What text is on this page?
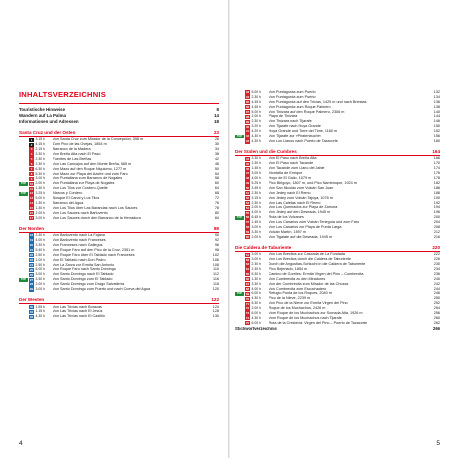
INHALTSVERZEICHNIS
Touristische Hinweise	8
Wandern auf La Palma	14
Informationen und Adressen	18
Santa Cruz und der Osten	23
1 3.15 h	Von Santa Cruz zum Mirador de la Concepción, 398 m	26
2 4.15 h	Zum Pico de las Ovejas, 1854 m	30
3 2.15 h	Barranco de la Madera	34
4 3.30 h	Von Breña Alta nach El Paso	38
5 2.30 h	Fuentes de Las Breñas	42
6 2.30 h	Von Las Cancajos auf den Monte Breña, 565 m	46
7 6.30 h	Von Mazo auf den Roque Niquiomo, 1277 m	50
8 5.30 h	Von Mazo zur Playa del Azufre und zum Faro	54
9 3.00 h	Von Puntallana zum Barranco de Nogales	58
TOP	10 2.00 h	Von Puntallana zur Playa de Nogales	60
11 1.30 h	Von Los Tilos zur Cordero-Quelle	64
TOP	12 3.25 h	Marcos y Cordero	68
13 5.00 h	Bosque El Canal y Los Tilos	72
14 1.30 h	Barranco del Agua	76
15 1.30 h	Von Los Tilos über Las Barandas nach Los Sauces	78
16 2.00 h	Von Los Sauces nach Barlovento	80
17 3.00 h	Von Los Sauces durch den Barranco de la Herradura	84
Der Norden	88
18 2.30 h	Von Barlovento nach La Fajana	90
19 4.00 h	Von Barlovento nach Franceses	92
20 3.30 h	Von Franceses nach Gallegos	96
21 5.40 h	Von Roque Faro auf den Pico de la Cruz, 2351 m	98
22 2.50 h	Von Roque Faro über El Tablado nach Franceses	102
23 1.00 h	Von El Tablado nach Don Pedro	106
24 2.50 h	Von La Zarza zur Ermita San Antonio	108
25 5.00 h	Von Roque Faro nach Santo Domingo	110
26 3.00 h	Von Santo Domingo nach El Tablado	112
TOP	27 3.30 h	Von Santo Domingo zum El Tablado	116
28 2.00 h	Von Santo Domingo zum Drago Salvatierra	118
29 3.00 h	Von Santo Domingo zum Puerto und nach Cueva del Agua	120
Der Westen	122
30 1.55 h	Von Las Tricias nach Buracas	124
31 1.15 h	Von Las Tricias nach El Jesús	128
32 4.30 h	Von Las Tricias nach El Castillo	130
4
33 5.00 h	Von Puntagorda zum Puerto	132
34 2.30 h	Von Puntagorda zum Puerto	134
35 4.45 h	Von Puntagorda auf den Tricias, 1429 m und nach Briestas	136
36 4.45 h	Von Puntagorda zum Roque Palmero	138
37 5.00 h	Von Tinizara auf den Roque Palmero, 2306 m	140
38 2.00 h	Playa de Tinizara	144
39 2.30 h	Von Tinizara nach Tijarafe	146
40 3.20 h	Von Tijarafe nach Hoya Grande	150
41 4.20 h	Hoya Grande und Torre del Time, 1160 m	152
TOP	42 4.30 h	Von Tijarafe zur »Piratenbucht«	156
43 4.30 h	Von Los Llanos nach Puerto de Tazacorte	160
Der Süden und die Cumbres	164
44 3.30 h	Von El Paso nach Breña Alta	166
45 2.30 h	Von El Paso nach Tacande	170
46 1.45 h	Von Tacande zum Llano del Jable	174
47 3.00 h	Montaña de Enrique	176
48 4.00 h	Hoyo de El Galio, 1079 m	178
49 5.25 h	Pico Birigoyo, 1807 m, und Pico Nambroque, 1924 m	182
50 3.45 h	Von San Nicolás zum Volcán San Juan	186
51 2.30 h	Von Jedey nach El Remo	188
52 3.15 h	Von Jedey zum Volcán Tajuya, 1078 m	190
53 2.30 h	Von Las Caletas nach El Remo	192
54 2.00 h	Von Los Quemados zur Playa de Zamora	194
55 4.00 h	Von Jedey auf den Deseada, 1945 m	196
TOP	56 6.45 h	Ruta de los Volcanes	200
57 1.45 h	Von Los Canarios zum Volcán Teneguía und zum Faro	204
58 3.00 h	Von Los Canarios zur Playa de Punta Larga	208
59 3.30 h	Volcán Martín, 1597 m	212
60 2.00 h	Von Tigalate auf die Deseada, 1945 m	216
Die Caldera de Taburiente	220
61 3.00 h	Von Los Brecitos zur Cascada de La Fondada	222
62 3.00 h	Von Los Brecitos durch die Caldera de Taburiente	226
63 2.30 h	Durch die Angustias-Schlucht in die Caldera de Taburiente	230
64 2.30 h	Pico Bejenado, 1854 m	234
65 5.30 h	Camino de Gorriles: Ermita Virgen del Pino – Cumbrecita	236
66 1.30 h	Von Cumbrecita zu den Miradores	240
67 3.30 h	Von der Cumbrecita zum Mirador de las Chozas	242
68 4.00 h	Von Cumbrecita zum Escuchadero	244
TOP	69 6.00 h	Refugio Punta de los Roques, 2040 m	246
70 4.30 h	Pico de la Nieve, 2239 m	250
71 5.30 h	Von Pico de la Nieve zur Ermita Virgen del Pino	252
72 2.00 h	Roque de los Muchachos, 2426 m	254
73 6.00 h	Vom Roque de los Muchachos zur Somada Alta, 1926 m	256
74 4.30 h	Vom Roque de los Muchachos nach Tijarafe	260
75 6.00 h	Ruta de la Crestería: Virgen del Pino – Puerto de Tazacorte	262
Stichwortverzeichnis	266
5
